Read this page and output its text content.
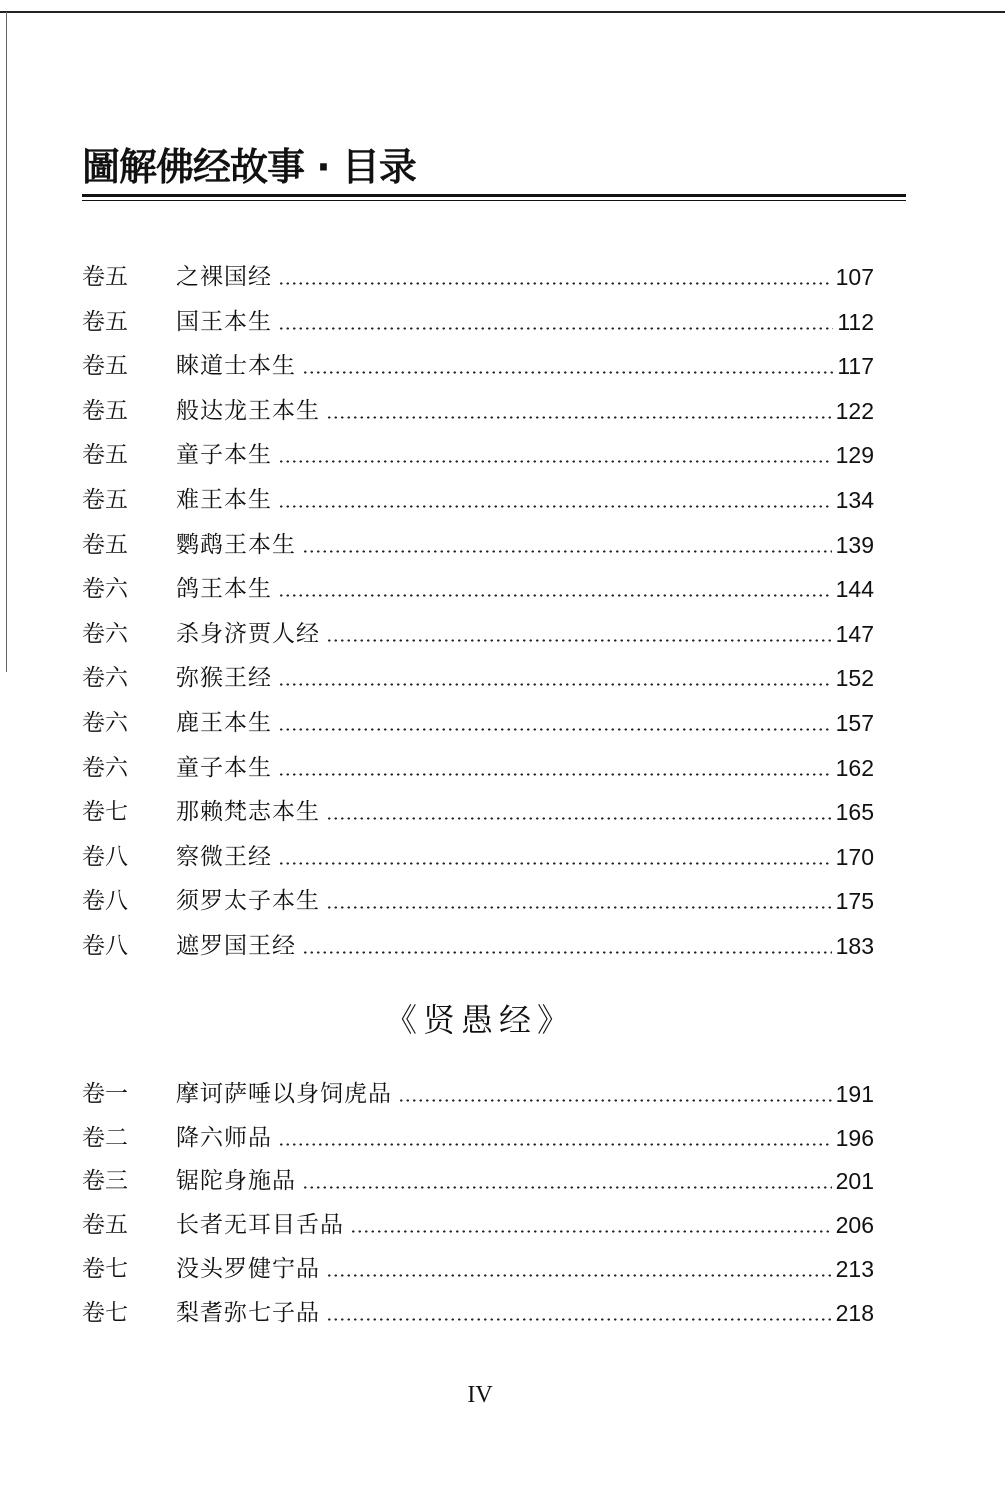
圖解佛经故事 · 目录
卷五	之裸国经	107
卷五	国王本生	112
卷五	睞道士本生	117
卷五	般达龙王本生	122
卷五	童子本生	129
卷五	难王本生	134
卷五	鹦鹉王本生	139
卷六	鸽王本生	144
卷六	杀身济贾人经	147
卷六	弥猴王经	152
卷六	鹿王本生	157
卷六	童子本生	162
卷七	那赖梵志本生	165
卷八	察微王经	170
卷八	须罗太子本生	175
卷八	遮罗国王经	183
《贤愚经》
卷一	摩诃萨唾以身饲虎品	191
卷二	降六师品	196
卷三	锯陀身施品	201
卷五	长者无耳目舌品	206
卷七	没头罗健宁品	213
卷七	梨耆弥七子品	218
IV
